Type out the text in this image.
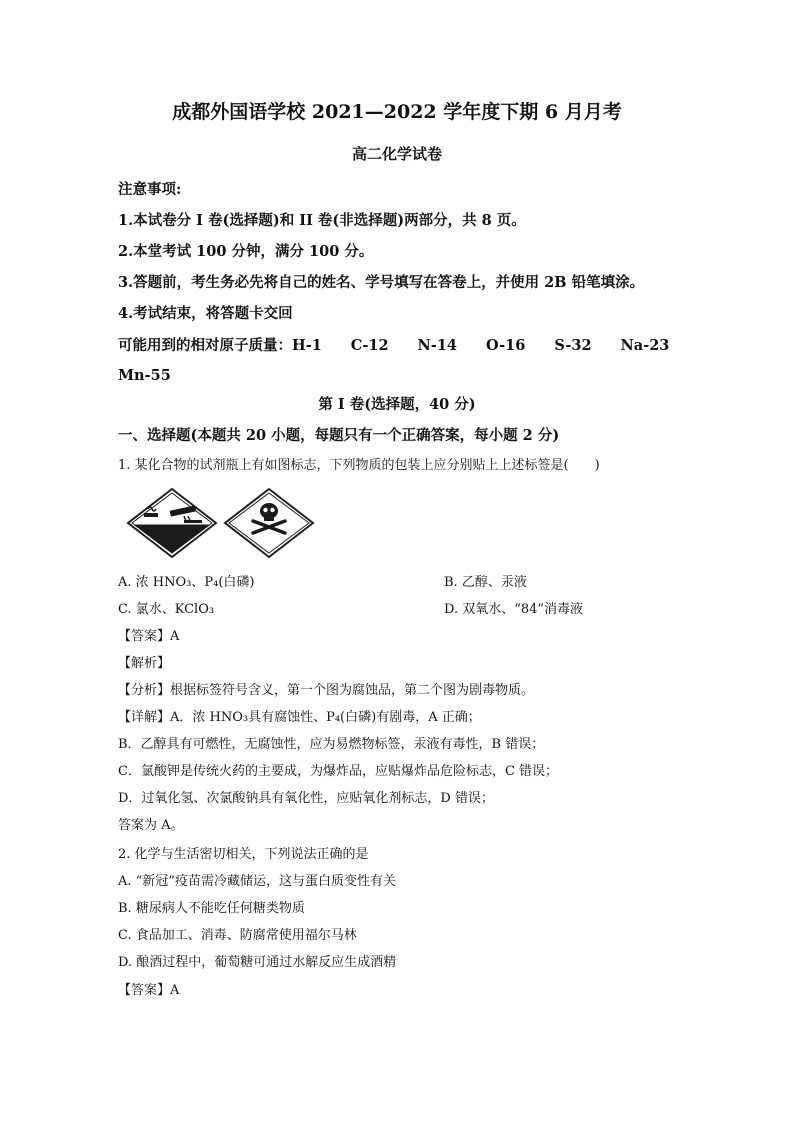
成都外国语学校 2021—2022 学年度下期 6 月月考
高二化学试卷
注意事项:
1.本试卷分 I 卷(选择题)和 II 卷(非选择题)两部分，共 8 页。
2.本堂考试 100 分钟，满分 100 分。
3.答题前，考生务必先将自己的姓名、学号填写在答卷上，并使用 2B 铅笔填涂。
4.考试结束，将答题卡交回
可能用到的相对原子质量：H-1　　C-12　　N-14　　O-16　　S-32　　Na-23
Mn-55
第 I 卷(选择题，40 分)
一、选择题(本题共 20 小题，每题只有一个正确答案，每小题 2 分)
1. 某化合物的试剂瓶上有如图标志，下列物质的包装上应分别贴上上述标签是(　　)
A. 浓 HNO₃、P₄(白磷)	B. 乙醇、汞液
C. 氯水、KClO₃	D. 双氧水、“84”消毒液
【答案】A
【解析】
【分析】根据标签符号含义，第一个图为腐蚀品，第二个图为剧毒物质。
【详解】A．浓 HNO₃具有腐蚀性、P₄(白磷)有剧毒，A 正确；
B．乙醇具有可燃性，无腐蚀性，应为易燃物标签，汞液有毒性，B 错误；
C．氯酸钾是传统火药的主要成，为爆炸品，应贴爆炸品危险标志，C 错误；
D．过氧化氢、次氯酸钠具有氧化性，应贴氧化剂标志，D 错误；
答案为 A。
2. 化学与生活密切相关，下列说法正确的是
A. “新冠”疫苗需冷藏储运，这与蛋白质变性有关
B. 糖尿病人不能吃任何糖类物质
C. 食品加工、消毒、防腐常使用福尔马林
D. 酿酒过程中，葡萄糖可通过水解反应生成酒精
【答案】A
